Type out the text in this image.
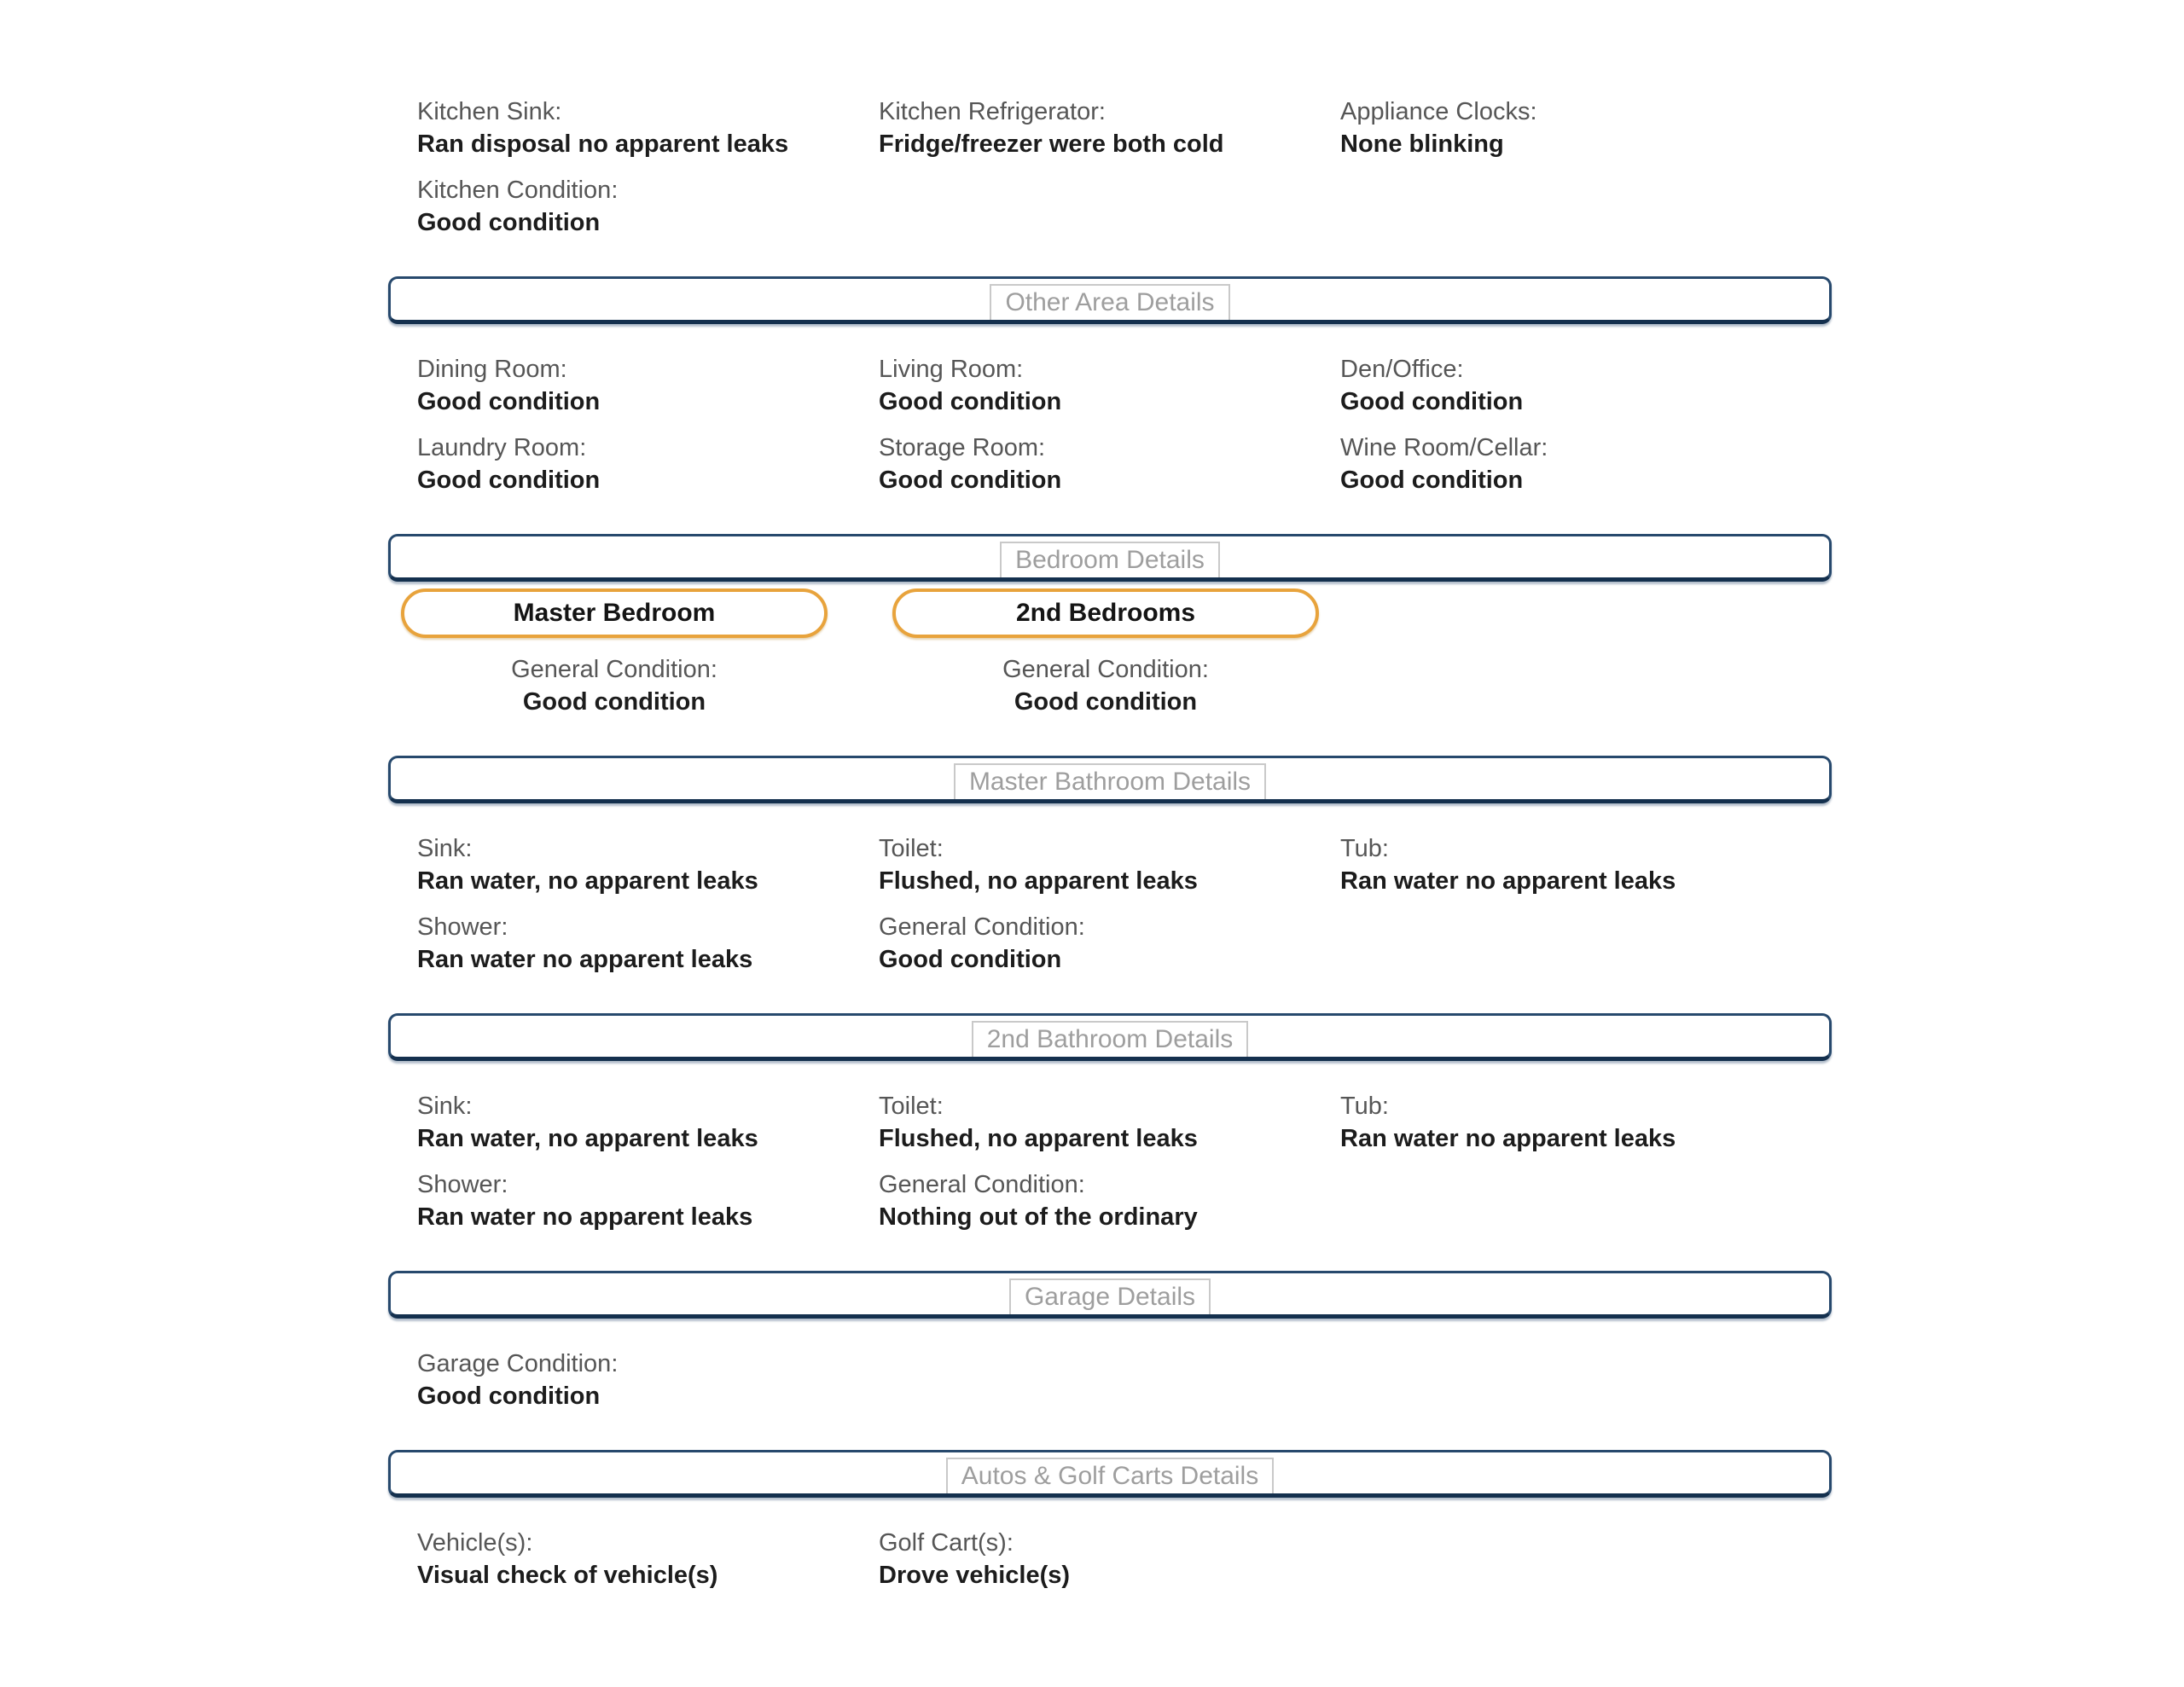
Kitchen Sink:
Ran disposal no apparent leaks
Kitchen Refrigerator:
Fridge/freezer were both cold
Appliance Clocks:
None blinking
Kitchen Condition:
Good condition
Other Area Details
Dining Room:
Good condition
Living Room:
Good condition
Den/Office:
Good condition
Laundry Room:
Good condition
Storage Room:
Good condition
Wine Room/Cellar:
Good condition
Bedroom Details
Master Bedroom
General Condition:
Good condition
2nd Bedrooms
General Condition:
Good condition
Master Bathroom Details
Sink:
Ran water, no apparent leaks
Toilet:
Flushed, no apparent leaks
Tub:
Ran water no apparent leaks
Shower:
Ran water no apparent leaks
General Condition:
Good condition
2nd Bathroom Details
Sink:
Ran water, no apparent leaks
Toilet:
Flushed, no apparent leaks
Tub:
Ran water no apparent leaks
Shower:
Ran water no apparent leaks
General Condition:
Nothing out of the ordinary
Garage Details
Garage Condition:
Good condition
Autos & Golf Carts Details
Vehicle(s):
Visual check of vehicle(s)
Golf Cart(s):
Drove vehicle(s)
